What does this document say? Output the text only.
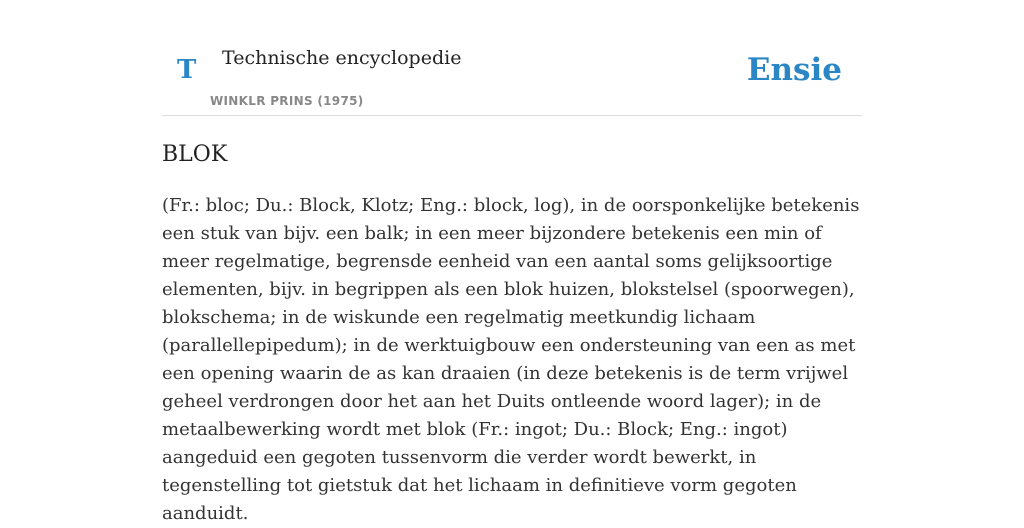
T Technische encyclopedie
WINKLR PRINS (1975)
Ensie
BLOK

(Fr.: bloc; Du.: Block, Klotz; Eng.: block, log), in de oorsponkelijke betekenis een stuk van bijv. een balk; in een meer bijzondere betekenis een min of meer regelmatige, begrensde eenheid van een aantal soms gelijksoortige elementen, bijv. in begrippen als een blok huizen, blokstelsel (spoorwegen), blokschema; in de wiskunde een regelmatig meetkundig lichaam (parallellepipedum); in de werktuigbouw een ondersteuning van een as met een opening waarin de as kan draaien (in deze betekenis is de term vrijwel geheel verdrongen door het aan het Duits ontleende woord lager); in de metaalbewerking wordt met blok (Fr.: ingot; Du.: Block; Eng.: ingot) aangeduid een gegoten tussenvorm die verder wordt bewerkt, in tegenstelling tot gietstuk dat het lichaam in definitieve vorm gegoten aanduidt.
